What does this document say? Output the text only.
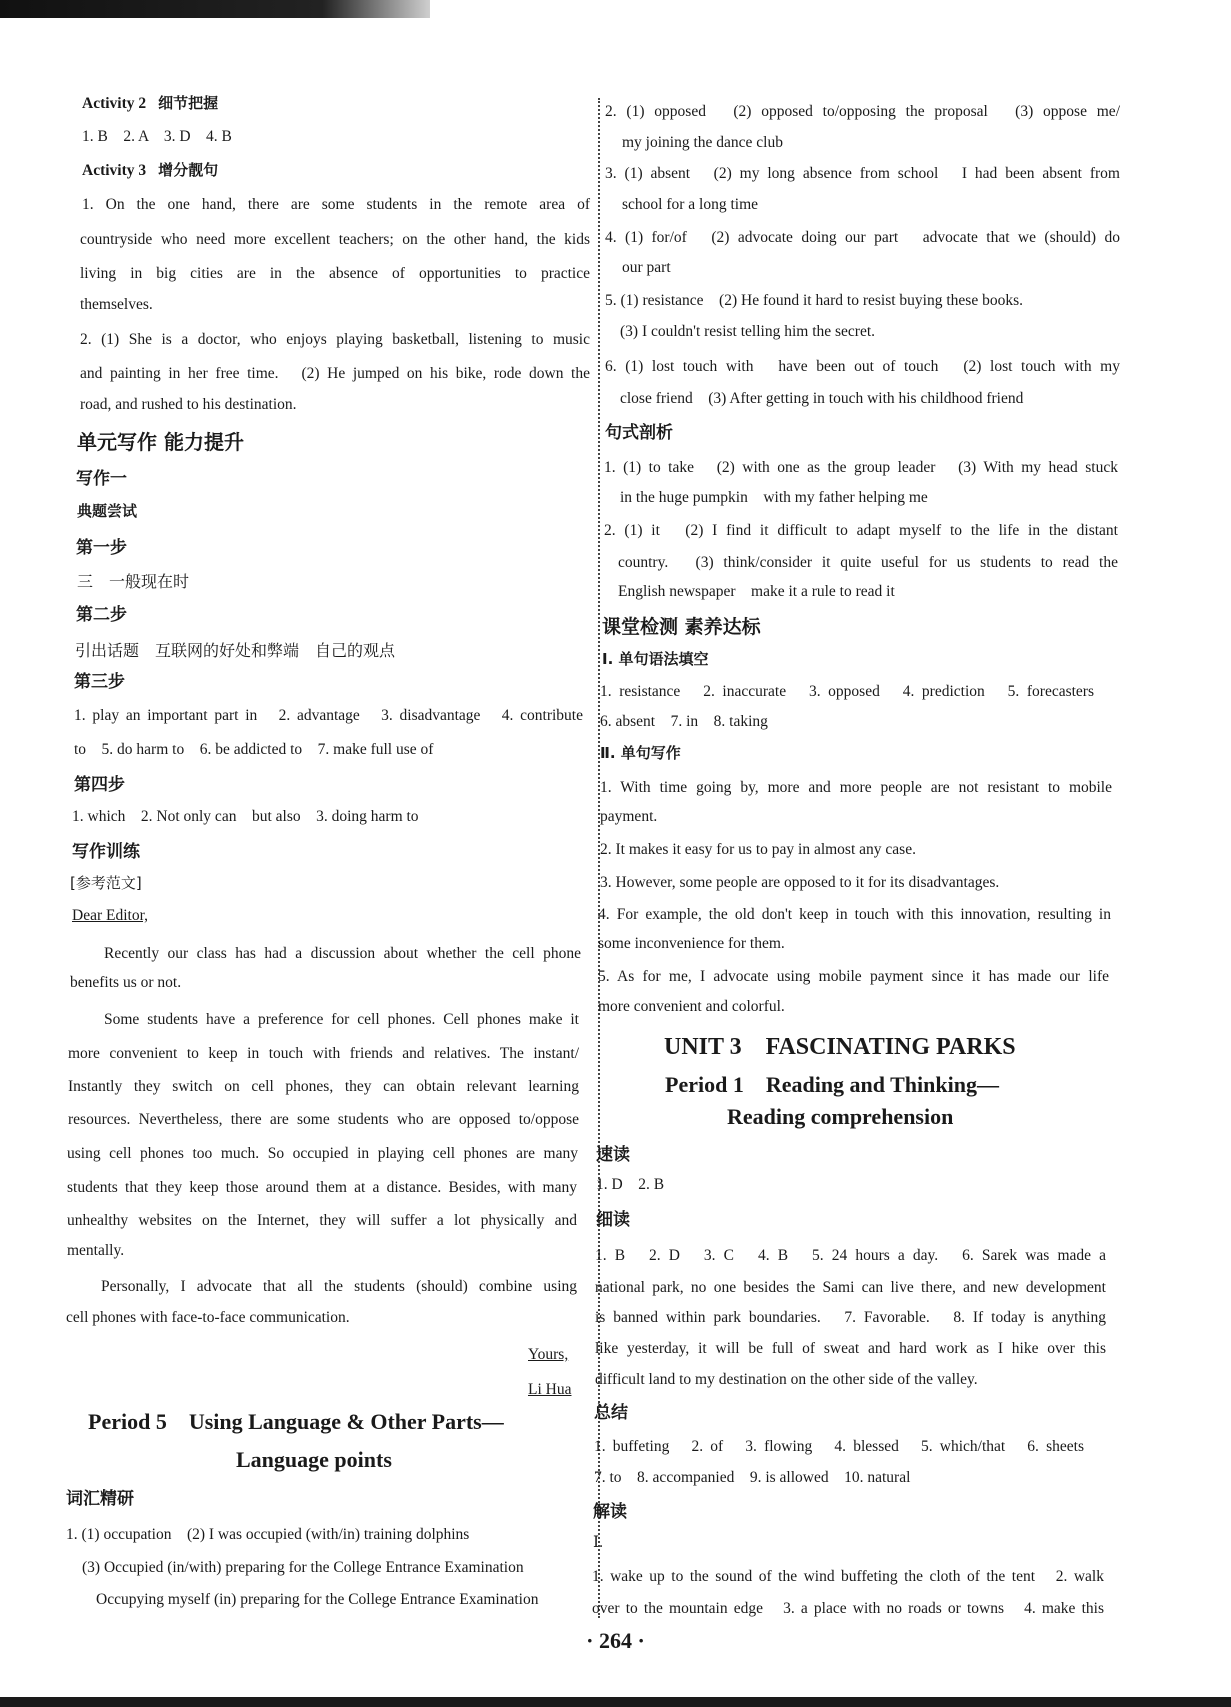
Activity 2 细节把握
1. B　2. A　3. D　4. B
Activity 3 增分靓句
1. On the one hand, there are some students in the remote area of
countryside who need more excellent teachers; on the other hand, the kids
living in big cities are in the absence of opportunities to practice
themselves.
2. (1) She is a doctor, who enjoys playing basketball, listening to music
and painting in her free time.　(2) He jumped on his bike, rode down the
road, and rushed to his destination.
单元写作 能力提升
写作一
典题尝试
第一步
三　一般现在时
第二步
引出话题　互联网的好处和弊端　自己的观点
第三步
1. play an important part in　2. advantage　3. disadvantage　4. contribute
to　5. do harm to　6. be addicted to　7. make full use of
第四步
1. which　2. Not only can　but also　3. doing harm to
写作训练
[参考范文]
Dear Editor,
Recently our class has had a discussion about whether the cell phone
benefits us or not.
Some students have a preference for cell phones. Cell phones make it
more convenient to keep in touch with friends and relatives. The instant/
Instantly they switch on cell phones, they can obtain relevant learning
resources. Nevertheless, there are some students who are opposed to/oppose
using cell phones too much. So occupied in playing cell phones are many
students that they keep those around them at a distance. Besides, with many
unhealthy websites on the Internet, they will suffer a lot physically and
mentally.
Personally, I advocate that all the students (should) combine using
cell phones with face-to-face communication.
Yours,
Li Hua
Period 5　Using Language & Other Parts—
Language points
词汇精研
1. (1) occupation　(2) I was occupied (with/in) training dolphins
(3) Occupied (in/with) preparing for the College Entrance Examination
Occupying myself (in) preparing for the College Entrance Examination
2. (1) opposed　(2) opposed to/opposing the proposal　(3) oppose me/
my joining the dance club
3. (1) absent　(2) my long absence from school　I had been absent from
school for a long time
4. (1) for/of　(2) advocate doing our part　advocate that we (should) do
our part
5. (1) resistance　(2) He found it hard to resist buying these books.
(3) I couldn't resist telling him the secret.
6. (1) lost touch with　have been out of touch　(2) lost touch with my
close friend　(3) After getting in touch with his childhood friend
句式剖析
1. (1) to take　(2) with one as the group leader　(3) With my head stuck
in the huge pumpkin　with my father helping me
2. (1) it　(2) I find it difficult to adapt myself to the life in the distant
country.　(3) think/consider it quite useful for us students to read the
English newspaper　make it a rule to read it
课堂检测 素养达标
Ⅰ. 单句语法填空
1. resistance　2. inaccurate　3. opposed　4. prediction　5. forecasters
6. absent　7. in　8. taking
Ⅱ. 单句写作
1. With time going by, more and more people are not resistant to mobile
payment.
2. It makes it easy for us to pay in almost any case.
3. However, some people are opposed to it for its disadvantages.
4. For example, the old don't keep in touch with this innovation, resulting in
some inconvenience for them.
5. As for me, I advocate using mobile payment since it has made our life
more convenient and colorful.
UNIT 3　FASCINATING PARKS
Period 1　Reading and Thinking—
Reading comprehension
速读
1. D　2. B
细读
1. B　2. D　3. C　4. B　5. 24 hours a day.　6. Sarek was made a
national park, no one besides the Sami can live there, and new development
is banned within park boundaries.　7. Favorable.　8. If today is anything
like yesterday, it will be full of sweat and hard work as I hike over this
difficult land to my destination on the other side of the valley.
总结
1. buffeting　2. of　3. flowing　4. blessed　5. which/that　6. sheets
7. to　8. accompanied　9. is allowed　10. natural
解读
Ⅰ.
1. wake up to the sound of the wind buffeting the cloth of the tent　2. walk
over to the mountain edge　3. a place with no roads or towns　4. make this
· 264 ·
